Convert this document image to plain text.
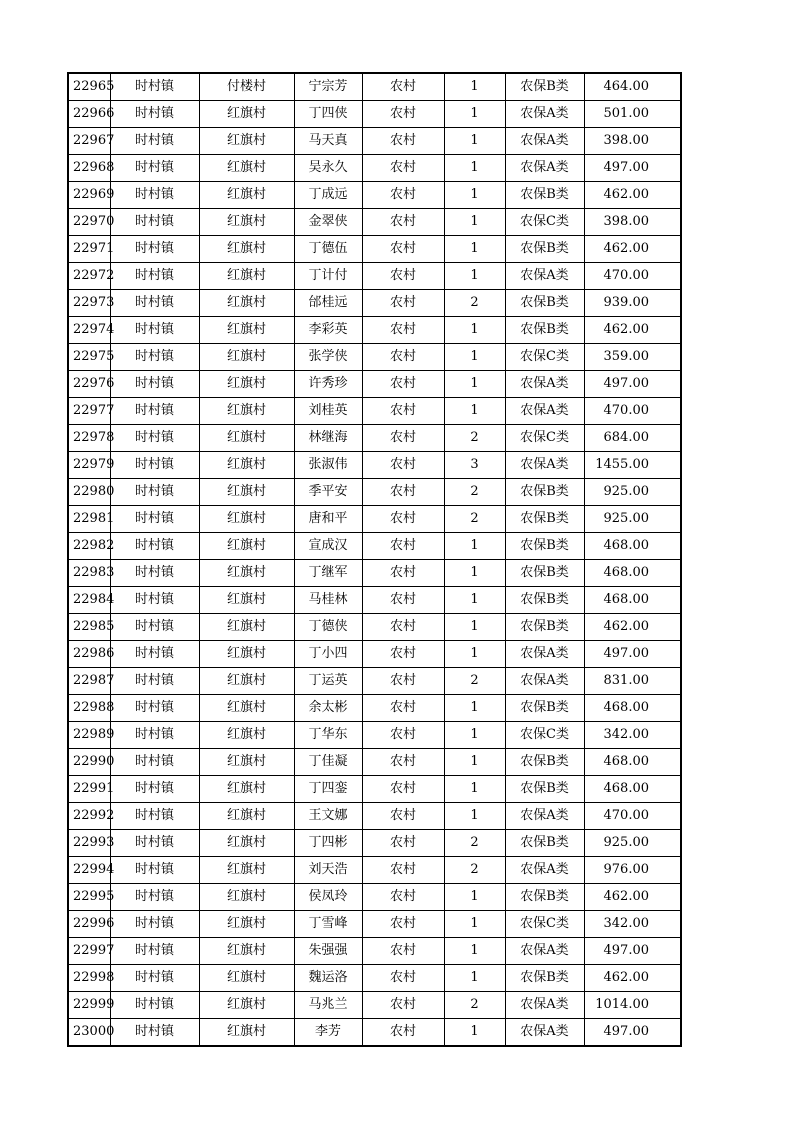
22965	时村镇	付楼村	宁宗芳	农村	1	农保B类	464.00
22966	时村镇	红旗村	丁四侠	农村	1	农保A类	501.00
22967	时村镇	红旗村	马天真	农村	1	农保A类	398.00
22968	时村镇	红旗村	吴永久	农村	1	农保A类	497.00
22969	时村镇	红旗村	丁成远	农村	1	农保B类	462.00
22970	时村镇	红旗村	金翠侠	农村	1	农保C类	398.00
22971	时村镇	红旗村	丁德伍	农村	1	农保B类	462.00
22972	时村镇	红旗村	丁计付	农村	1	农保A类	470.00
22973	时村镇	红旗村	邰桂远	农村	2	农保B类	939.00
22974	时村镇	红旗村	李彩英	农村	1	农保B类	462.00
22975	时村镇	红旗村	张学侠	农村	1	农保C类	359.00
22976	时村镇	红旗村	许秀珍	农村	1	农保A类	497.00
22977	时村镇	红旗村	刘桂英	农村	1	农保A类	470.00
22978	时村镇	红旗村	林继海	农村	2	农保C类	684.00
22979	时村镇	红旗村	张淑伟	农村	3	农保A类	1455.00
22980	时村镇	红旗村	季平安	农村	2	农保B类	925.00
22981	时村镇	红旗村	唐和平	农村	2	农保B类	925.00
22982	时村镇	红旗村	宣成汉	农村	1	农保B类	468.00
22983	时村镇	红旗村	丁继军	农村	1	农保B类	468.00
22984	时村镇	红旗村	马桂林	农村	1	农保B类	468.00
22985	时村镇	红旗村	丁德侠	农村	1	农保B类	462.00
22986	时村镇	红旗村	丁小四	农村	1	农保A类	497.00
22987	时村镇	红旗村	丁运英	农村	2	农保A类	831.00
22988	时村镇	红旗村	余太彬	农村	1	农保B类	468.00
22989	时村镇	红旗村	丁华东	农村	1	农保C类	342.00
22990	时村镇	红旗村	丁佳凝	农村	1	农保B类	468.00
22991	时村镇	红旗村	丁四銮	农村	1	农保B类	468.00
22992	时村镇	红旗村	王文娜	农村	1	农保A类	470.00
22993	时村镇	红旗村	丁四彬	农村	2	农保B类	925.00
22994	时村镇	红旗村	刘天浩	农村	2	农保A类	976.00
22995	时村镇	红旗村	侯凤玲	农村	1	农保B类	462.00
22996	时村镇	红旗村	丁雪峰	农村	1	农保C类	342.00
22997	时村镇	红旗村	朱强强	农村	1	农保A类	497.00
22998	时村镇	红旗村	魏运洛	农村	1	农保B类	462.00
22999	时村镇	红旗村	马兆兰	农村	2	农保A类	1014.00
23000	时村镇	红旗村	李芳	农村	1	农保A类	497.00
